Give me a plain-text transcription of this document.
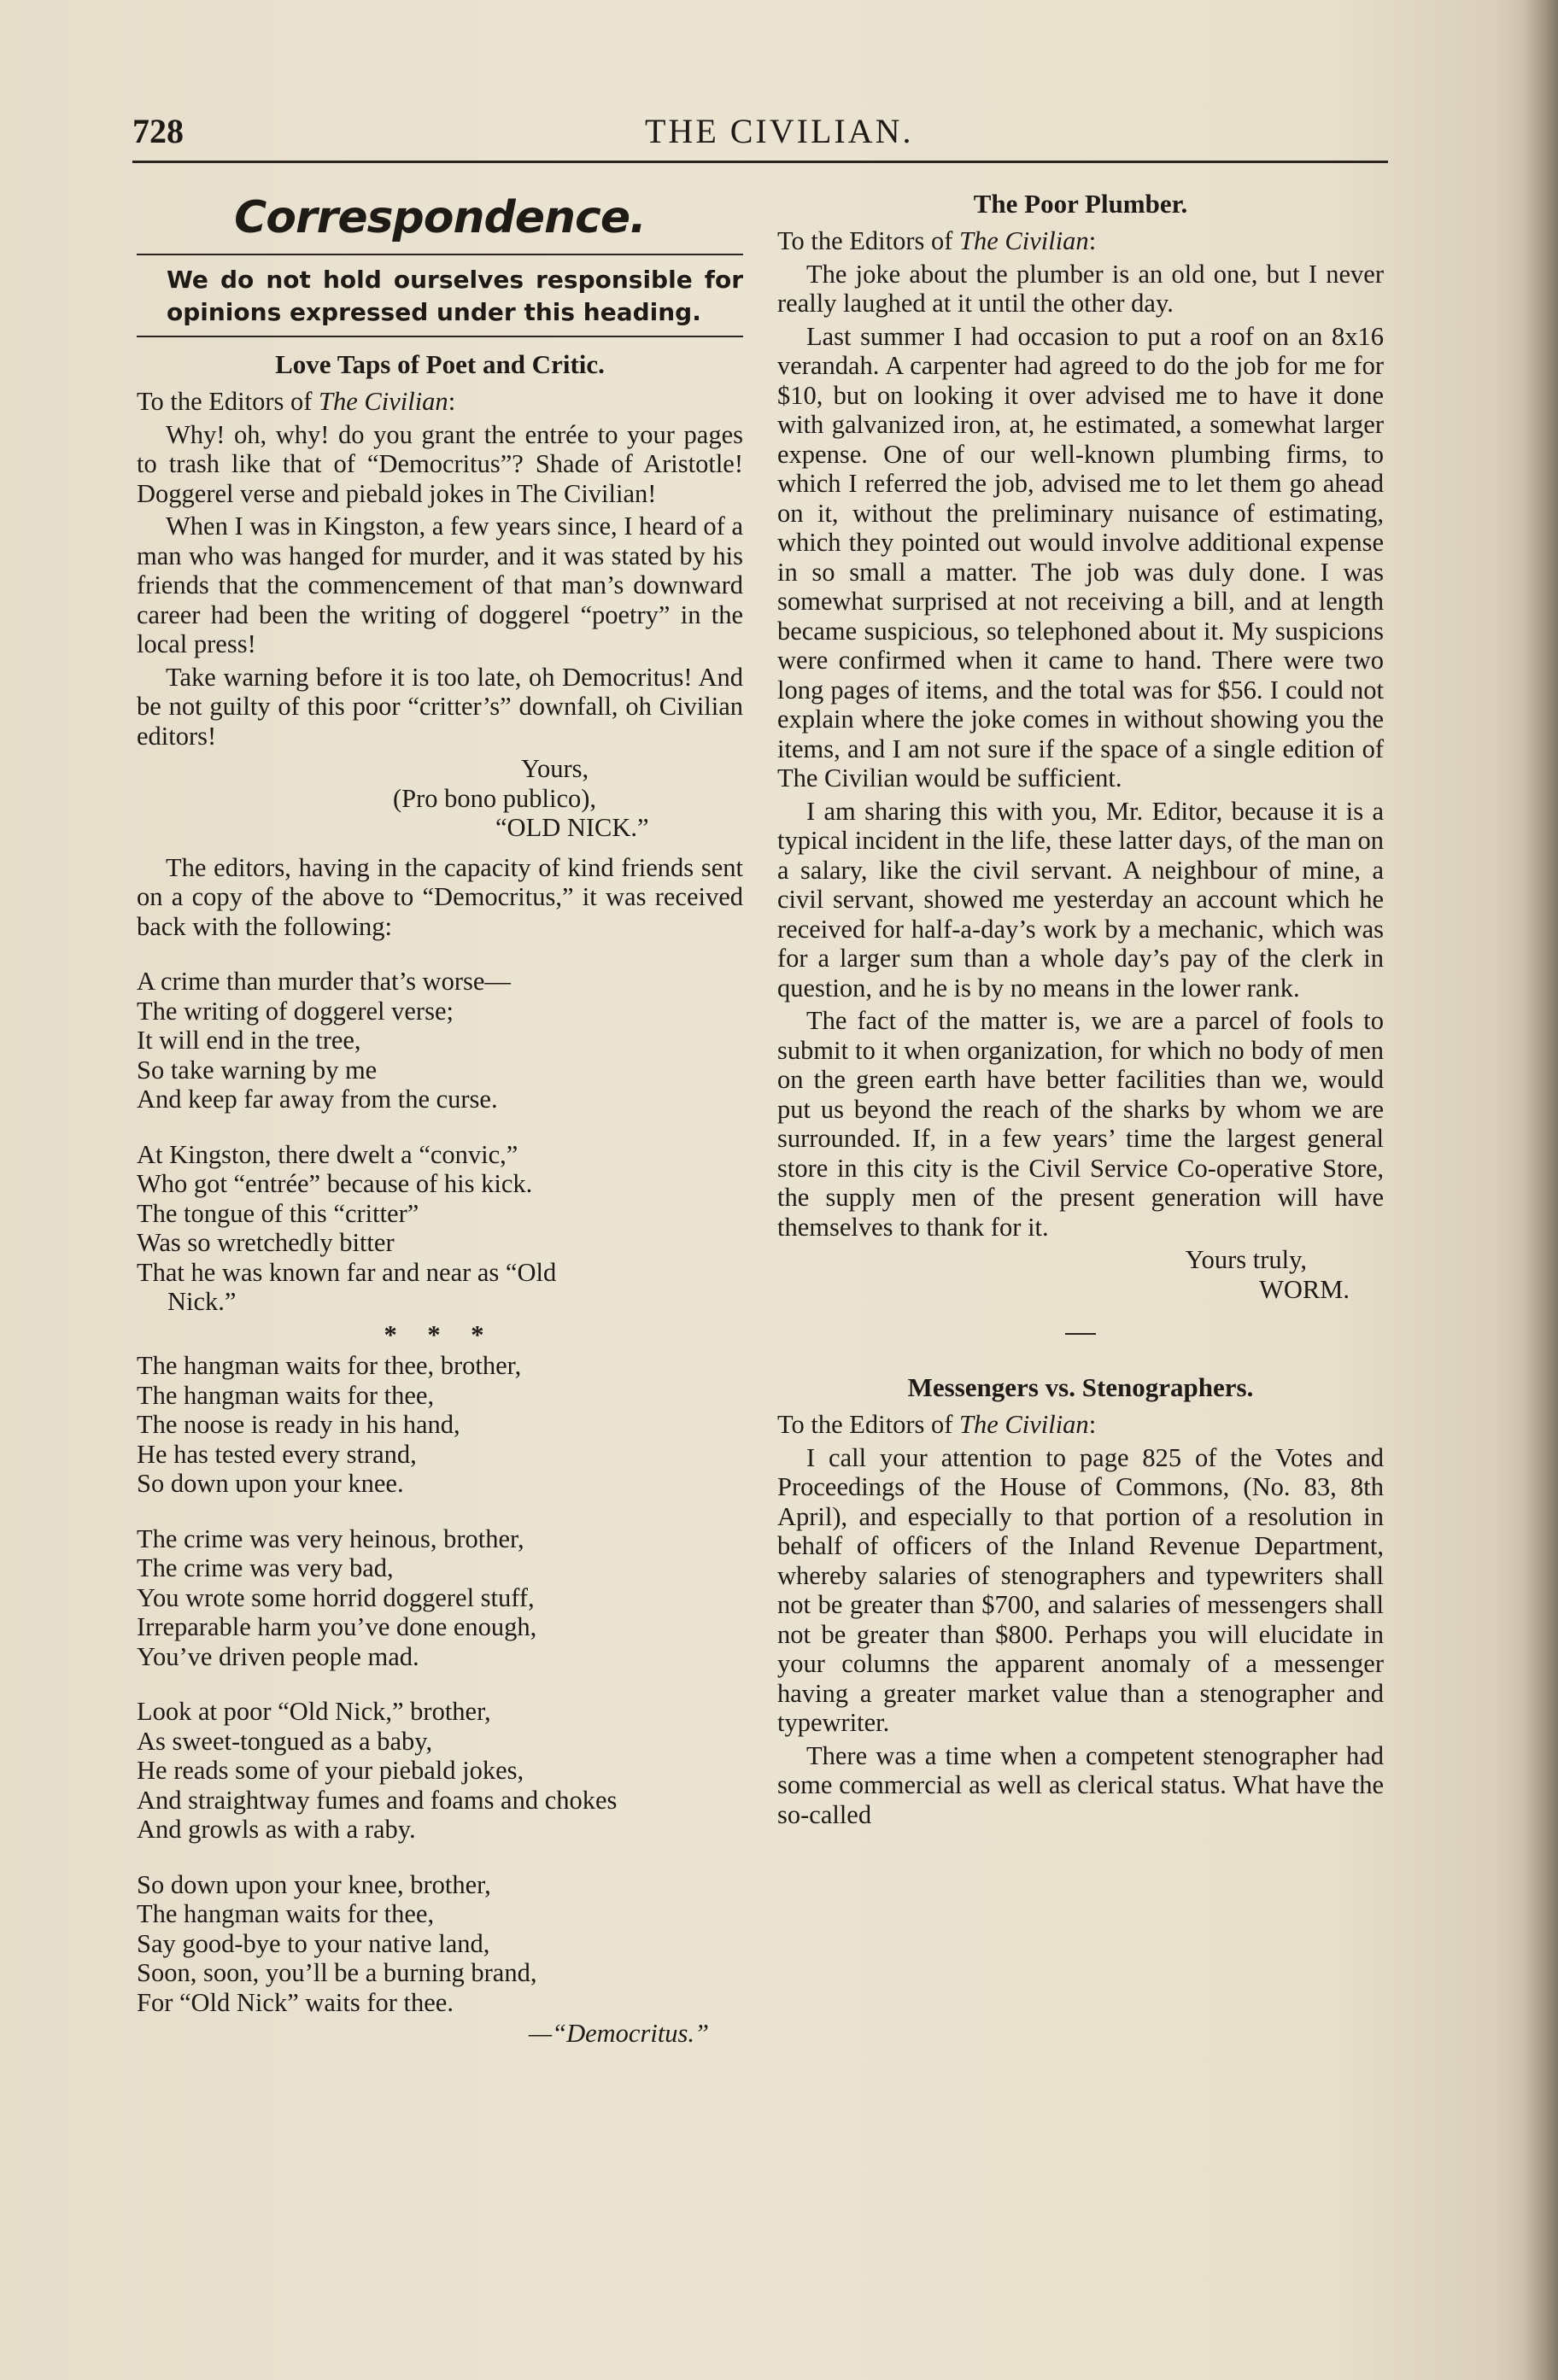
728	THE CIVILIAN.
Correspondence.
We do not hold ourselves responsible for opinions expressed under this heading.
Love Taps of Poet and Critic.
To the Editors of The Civilian:

Why! oh, why! do you grant the entrée to your pages to trash like that of “Democritus”? Shade of Aristotle! Doggerel verse and piebald jokes in The Civilian!

When I was in Kingston, a few years since, I heard of a man who was hanged for murder, and it was stated by his friends that the commencement of that man’s downward career had been the writing of doggerel “poetry” in the local press!

Take warning before it is too late, oh Democritus! And be not guilty of this poor “critter’s” downfall, oh Civilian editors!

Yours,

(Pro bono publico),

“OLD NICK.”

The editors, having in the capacity of kind friends sent on a copy of the above to “Democritus,” it was received back with the following:

A crime than murder that’s worse—

The writing of doggerel verse;

It will end in the tree,

So take warning by me

And keep far away from the curse.

At Kingston, there dwelt a “convic,”

Who got “entrée” because of his kick.

The tongue of this “critter”

Was so wretchedly bitter

That he was known far and near as “Old

Nick.”

* * *

The hangman waits for thee, brother,

The hangman waits for thee,

The noose is ready in his hand,

He has tested every strand,

So down upon your knee.

The crime was very heinous, brother,

The crime was very bad,

You wrote some horrid doggerel stuff,

Irreparable harm you’ve done enough,

You’ve driven people mad.

Look at poor “Old Nick,” brother,

As sweet-tongued as a baby,

He reads some of your piebald jokes,

And straightway fumes and foams and chokes

And growls as with a raby.

So down upon your knee, brother,

The hangman waits for thee,

Say good-bye to your native land,

Soon, soon, you’ll be a burning brand,

For “Old Nick” waits for thee.

—“Democritus.”
The Poor Plumber.
To the Editors of The Civilian:

The joke about the plumber is an old one, but I never really laughed at it until the other day.

Last summer I had occasion to put a roof on an 8x16 verandah. A carpenter had agreed to do the job for me for $10, but on looking it over advised me to have it done with galvanized iron, at, he estimated, a somewhat larger expense. One of our well-known plumbing firms, to which I referred the job, advised me to let them go ahead on it, without the preliminary nuisance of estimating, which they pointed out would involve additional expense in so small a matter. The job was duly done. I was somewhat surprised at not receiving a bill, and at length became suspicious, so telephoned about it. My suspicions were confirmed when it came to hand. There were two long pages of items, and the total was for $56. I could not explain where the joke comes in without showing you the items, and I am not sure if the space of a single edition of The Civilian would be sufficient.

I am sharing this with you, Mr. Editor, because it is a typical incident in the life, these latter days, of the man on a salary, like the civil servant. A neighbour of mine, a civil servant, showed me yesterday an account which he received for half-a-day’s work by a mechanic, which was for a larger sum than a whole day’s pay of the clerk in question, and he is by no means in the lower rank.

The fact of the matter is, we are a parcel of fools to submit to it when organization, for which no body of men on the green earth have better facilities than we, would put us beyond the reach of the sharks by whom we are surrounded. If, in a few years’ time the largest general store in this city is the Civil Service Co-operative Store, the supply men of the present generation will have themselves to thank for it.

Yours truly,

WORM.

Messengers vs. Stenographers.
To the Editors of The Civilian:

I call your attention to page 825 of the Votes and Proceedings of the House of Commons, (No. 83, 8th April), and especially to that portion of a resolution in behalf of officers of the Inland Revenue Department, whereby salaries of stenographers and typewriters shall not be greater than $700, and salaries of messengers shall not be greater than $800. Perhaps you will elucidate in your columns the apparent anomaly of a messenger having a greater market value than a stenographer and typewriter.

There was a time when a competent stenographer had some commercial as well as clerical status. What have the so-called
